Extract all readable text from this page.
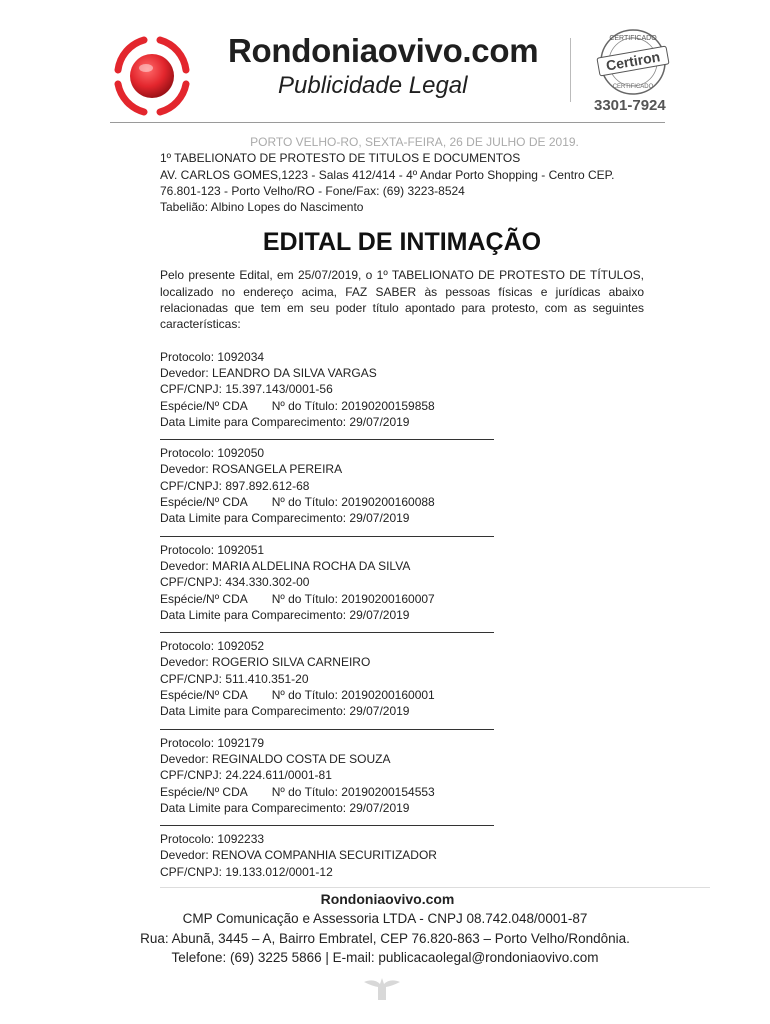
Rondoniaovivo.com
Publicidade Legal
CERTIFICADO
Certiron
CERTIFICADO
3301-7924
PORTO VELHO-RO, SEXTA-FEIRA, 26 DE JULHO DE 2019.
1º TABELIONATO DE PROTESTO DE TITULOS E DOCUMENTOS
AV. CARLOS GOMES,1223 - Salas 412/414 - 4º Andar Porto Shopping - Centro CEP.
76.801-123 - Porto Velho/RO - Fone/Fax: (69) 3223-8524
Tabelião: Albino Lopes do Nascimento
EDITAL DE INTIMAÇÃO
Pelo presente Edital, em 25/07/2019, o 1º TABELIONATO DE PROTESTO DE TÍTULOS, localizado no endereço acima, FAZ SABER às pessoas físicas e jurídicas abaixo relacionadas que tem em seu poder título apontado para protesto, com as seguintes características:
Protocolo: 1092034
Devedor: LEANDRO DA SILVA VARGAS
CPF/CNPJ: 15.397.143/0001-56
Espécie/Nº CDA Nº do Título: 20190200159858
Data Limite para Comparecimento: 29/07/2019
Protocolo: 1092050
Devedor: ROSANGELA PEREIRA
CPF/CNPJ: 897.892.612-68
Espécie/Nº CDA Nº do Título: 20190200160088
Data Limite para Comparecimento: 29/07/2019
Protocolo: 1092051
Devedor: MARIA ALDELINA ROCHA DA SILVA
CPF/CNPJ: 434.330.302-00
Espécie/Nº CDA Nº do Título: 20190200160007
Data Limite para Comparecimento: 29/07/2019
Protocolo: 1092052
Devedor: ROGERIO SILVA CARNEIRO
CPF/CNPJ: 511.410.351-20
Espécie/Nº CDA Nº do Título: 20190200160001
Data Limite para Comparecimento: 29/07/2019
Protocolo: 1092179
Devedor: REGINALDO COSTA DE SOUZA
CPF/CNPJ: 24.224.611/0001-81
Espécie/Nº CDA Nº do Título: 20190200154553
Data Limite para Comparecimento: 29/07/2019
Protocolo: 1092233
Devedor: RENOVA COMPANHIA SECURITIZADOR
CPF/CNPJ: 19.133.012/0001-12
Rondoniaovivo.com
CMP Comunicação e Assessoria LTDA - CNPJ 08.742.048/0001-87
Rua: Abunã, 3445 – A, Bairro Embratel, CEP 76.820-863 – Porto Velho/Rondônia.
Telefone: (69) 3225 5866 | E-mail: publicacaolegal@rondoniaovivo.com
